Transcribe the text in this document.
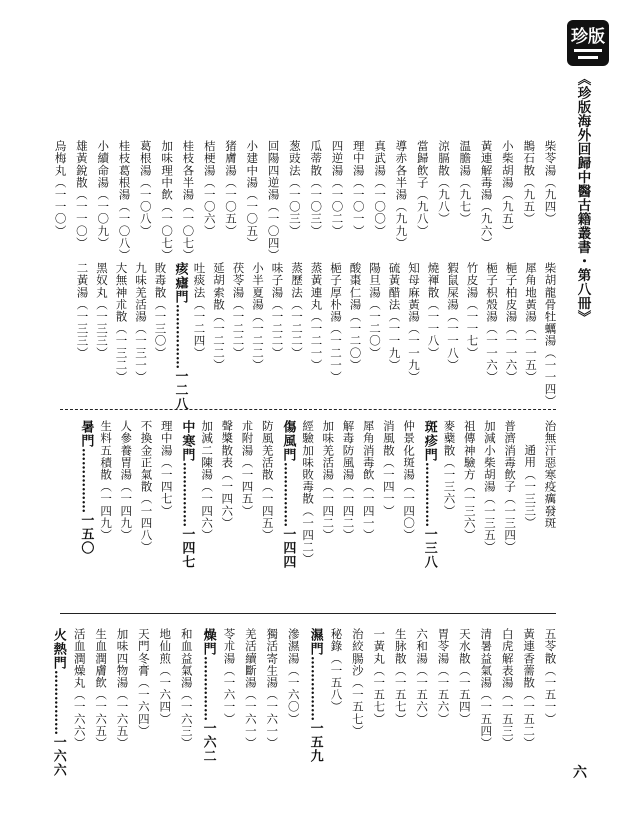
珍版
《珍版海外回歸中醫古籍叢書・第八冊》
柴苓湯（九四）
鵲石散（九五）
小柴胡湯（九五）
黃連解毒湯（九六）
温膽湯（九七）
涼膈散（九八）
當歸飲子（九八）
導赤各半湯（九九）
真武湯（一〇〇）
理中湯（一〇一）
四逆湯（一〇二）
瓜蒂散（一〇三）
葱豉法（一〇三）
回陽四逆湯（一〇四）
小建中湯（一〇五）
猪膚湯（一〇五）
桔梗湯（一〇六）
桂枝各半湯（一〇七）
加味理中飲（一〇七）
葛根湯（一〇八）
桂枝葛根湯（一〇八）
小續命湯（一〇九）
雄黃銳散（一一〇）
烏梅丸（一一〇）
柴胡龍骨牡蠣湯（一一四）
犀角地黃湯（一一五）
梔子柏皮湯（一一六）
梔子枳殼湯（一一六）
竹皮湯（一一七）
猳鼠屎湯（一一八）
燒褌散（一一八）
知母麻黃湯（一一九）
硫黃醋法（一一九）
陽旦湯（一二〇）
酸棗仁湯（一二〇）
梔子厚朴湯（一二一）
蒸黃連丸（一二一）
蒸歷法（一二二）
味子湯（一二二）
小半夏湯（一二二）
茯苓湯（一二二）
延胡索散（一二二）
吐痰法（一二四）
痎瘧門……………一二八
敗毒散（一三〇）
九味羌活湯（一三一）
大無神朮散（一三二）
黑奴丸（一三三）
二黃湯（一三三）
治無汗惡寒疫癘發斑
通用（一三三）
普濟消毒飲子（一三四）
加減小柴胡湯（一三五）
祖傳神驗方（一三六）
麥蘗散（一三六）
斑疹門……………一三八
仲景化斑湯（一四〇）
消風散（一四一）
犀角消毒飲（一四一）
解毒防風湯（一四二）
加味羌活湯（一四二）
經驗加味敗毒散（一四二）
傷風門……………一四四
防風羌活散（一四五）
朮附湯（一四五）
聲槳散表（一四六）
加減二陳湯（一四六）
中寒門……………一四七
理中湯（一四七）
不換金正氣散（一四八）
人參養胃湯（一四九）
生料五積散（一四九）
暑門……………一五〇
五苓散（一五一）
黃連香薷散（一五二）
白虎解表湯（一五三）
清暑益氣湯（一五四）
天水散（一五四）
胃苓湯（一五六）
六和湯（一五六）
生脉散（一五七）
一黃丸（一五七）
治絞腸沙（一五七）
秘錄（一五八）
濕門……………一五九
滲濕湯（一六〇）
獨活寄生湯（一六一）
羌活續斷湯（一六一）
苓朮湯（一六一）
燥門……………一六二
和血益氣湯（一六三）
地仙煎（一六四）
天門冬膏（一六四）
加味四物湯（一六五）
生血潤膚飲（一六五）
活血潤燥丸（一六六）
火熱門……………一六六	六
